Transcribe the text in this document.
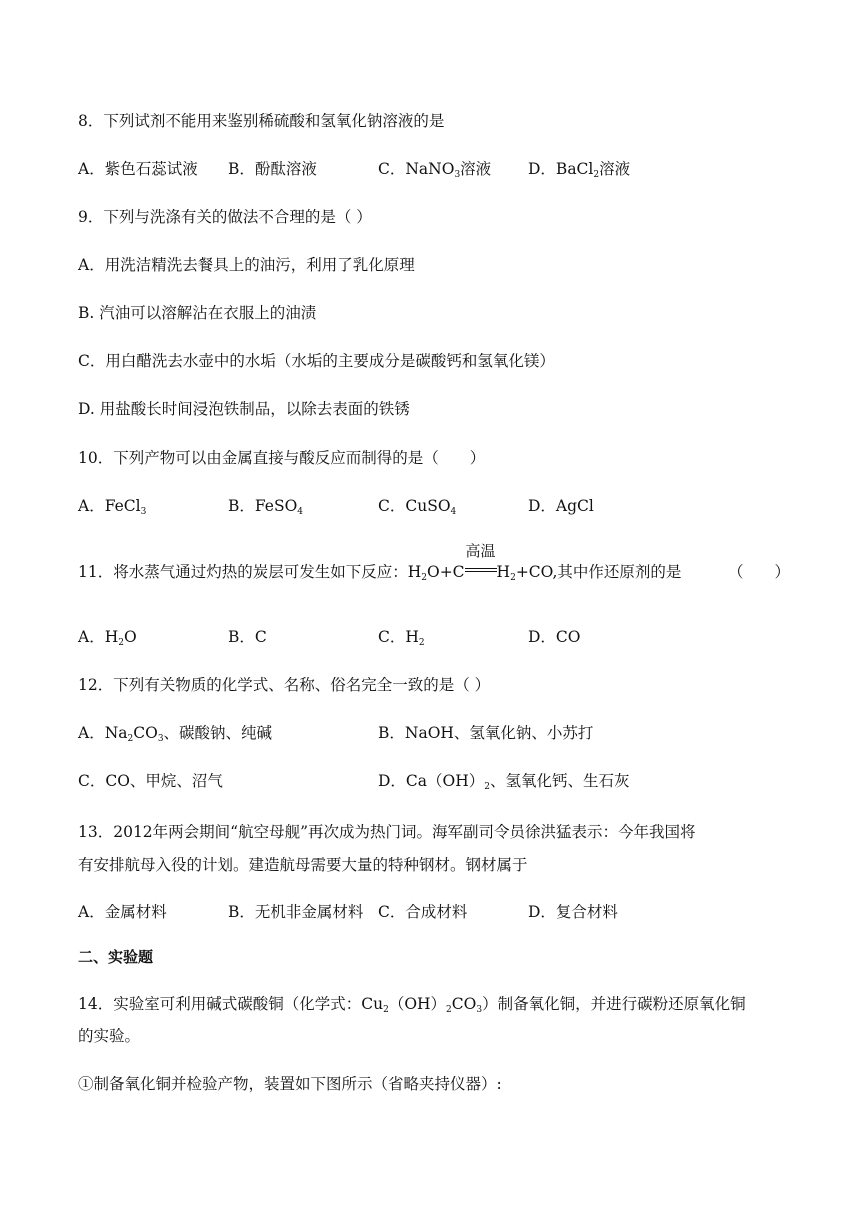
8．下列试剂不能用来鉴别稀硫酸和氢氧化钠溶液的是
A．紫色石蕊试液 B．酚酞溶液	C．NaNO$_3$溶液 D．BaCl$_2$溶液
9．下列与洗涤有关的做法不合理的是（ ）
A．用洗洁精洗去餐具上的油污，利用了乳化原理
B. 汽油可以溶解沾在衣服上的油渍
C．用白醋洗去水壶中的水垢（水垢的主要成分是碳酸钙和氢氧化镁）
D. 用盐酸长时间浸泡铁制品，以除去表面的铁锈
10．下列产物可以由金属直接与酸反应而制得的是（　　）
A．FeCl$_3$	B．FeSO$_4$	C．CuSO$_4$	D．AgCl
11．将水蒸气通过灼热的炭层可发生如下反应：$H_2O+C$
高温
$H_2+CO$,其中作还原剂的是	（　　）
A．$H_2O$	B．C	C．$H_2$	D．CO
12．下列有关物质的化学式、名称、俗名完全一致的是（ ）
A．$Na_2CO_3$、碳酸钠、纯碱	B．NaOH、氢氧化钠、小苏打
C．CO、甲烷、沼气	D．$Ca(OH)_2$、氢氧化钙、生石灰
13．2012年两会期间“航空母舰”再次成为热门词。海军副司令员徐洪猛表示：今年我国将
有安排航母入役的计划。建造航母需要大量的特种钢材。钢材属于
A．金属材料	B．无机非金属材料 C．合成材料	D．复合材料
二、实验题
14．实验室可利用碱式碳酸铜（化学式：$Cu_2(OH)_2CO_3$）制备氧化铜，并进行碳粉还原氧化铜
的实验。
①制备氧化铜并检验产物，装置如下图所示（省略夹持仪器）:
